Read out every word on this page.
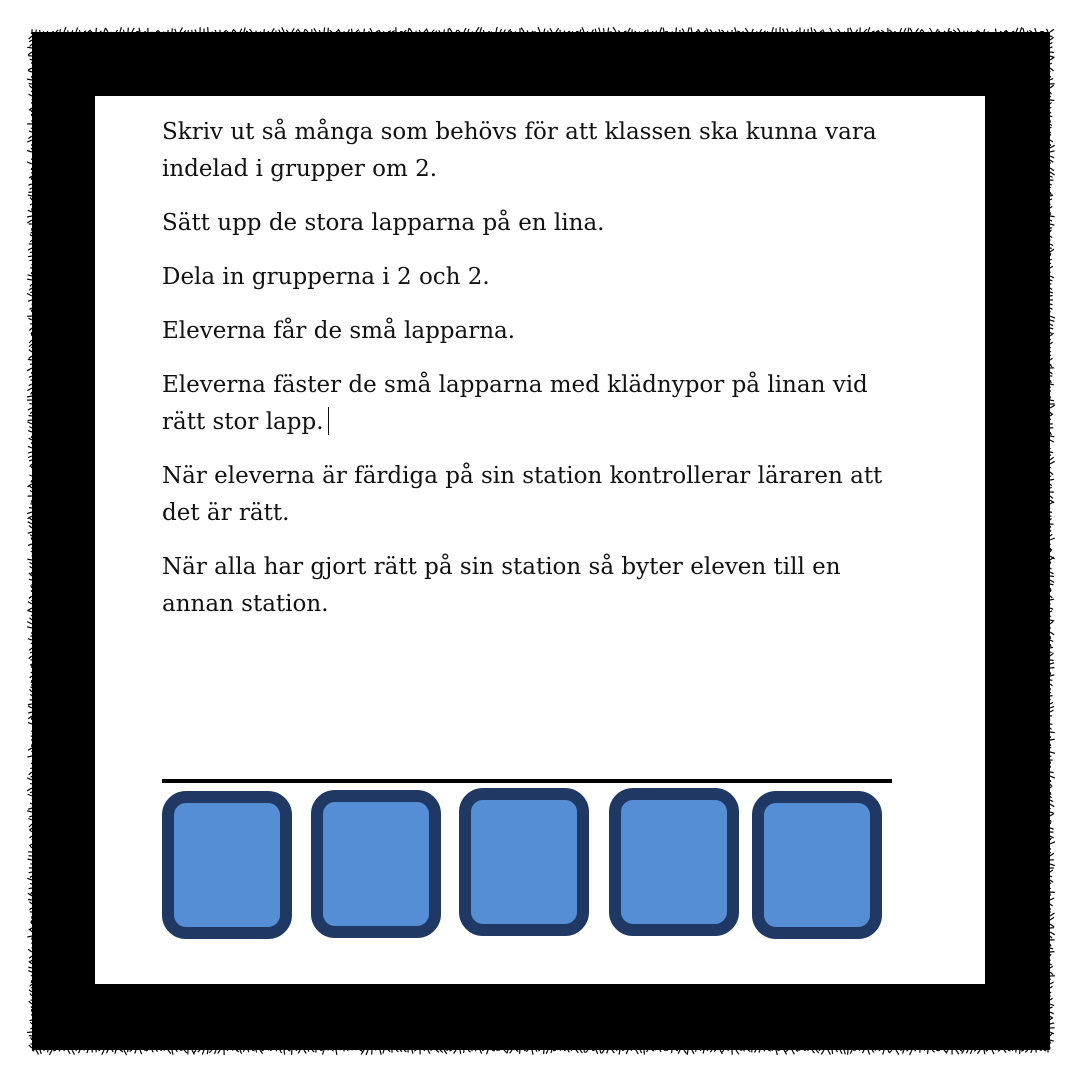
Skriv ut så många som behövs för att klassen ska kunna vara indelad i grupper om 2.

Sätt upp de stora lapparna på en lina.

Dela in grupperna i 2 och 2.

Eleverna får de små lapparna.

Eleverna fäster de små lapparna med klädnypor på linan vid rätt stor lapp.

När eleverna är färdiga på sin station kontrollerar läraren att det är rätt.

När alla har gjort rätt på sin station så byter eleven till en annan station.
